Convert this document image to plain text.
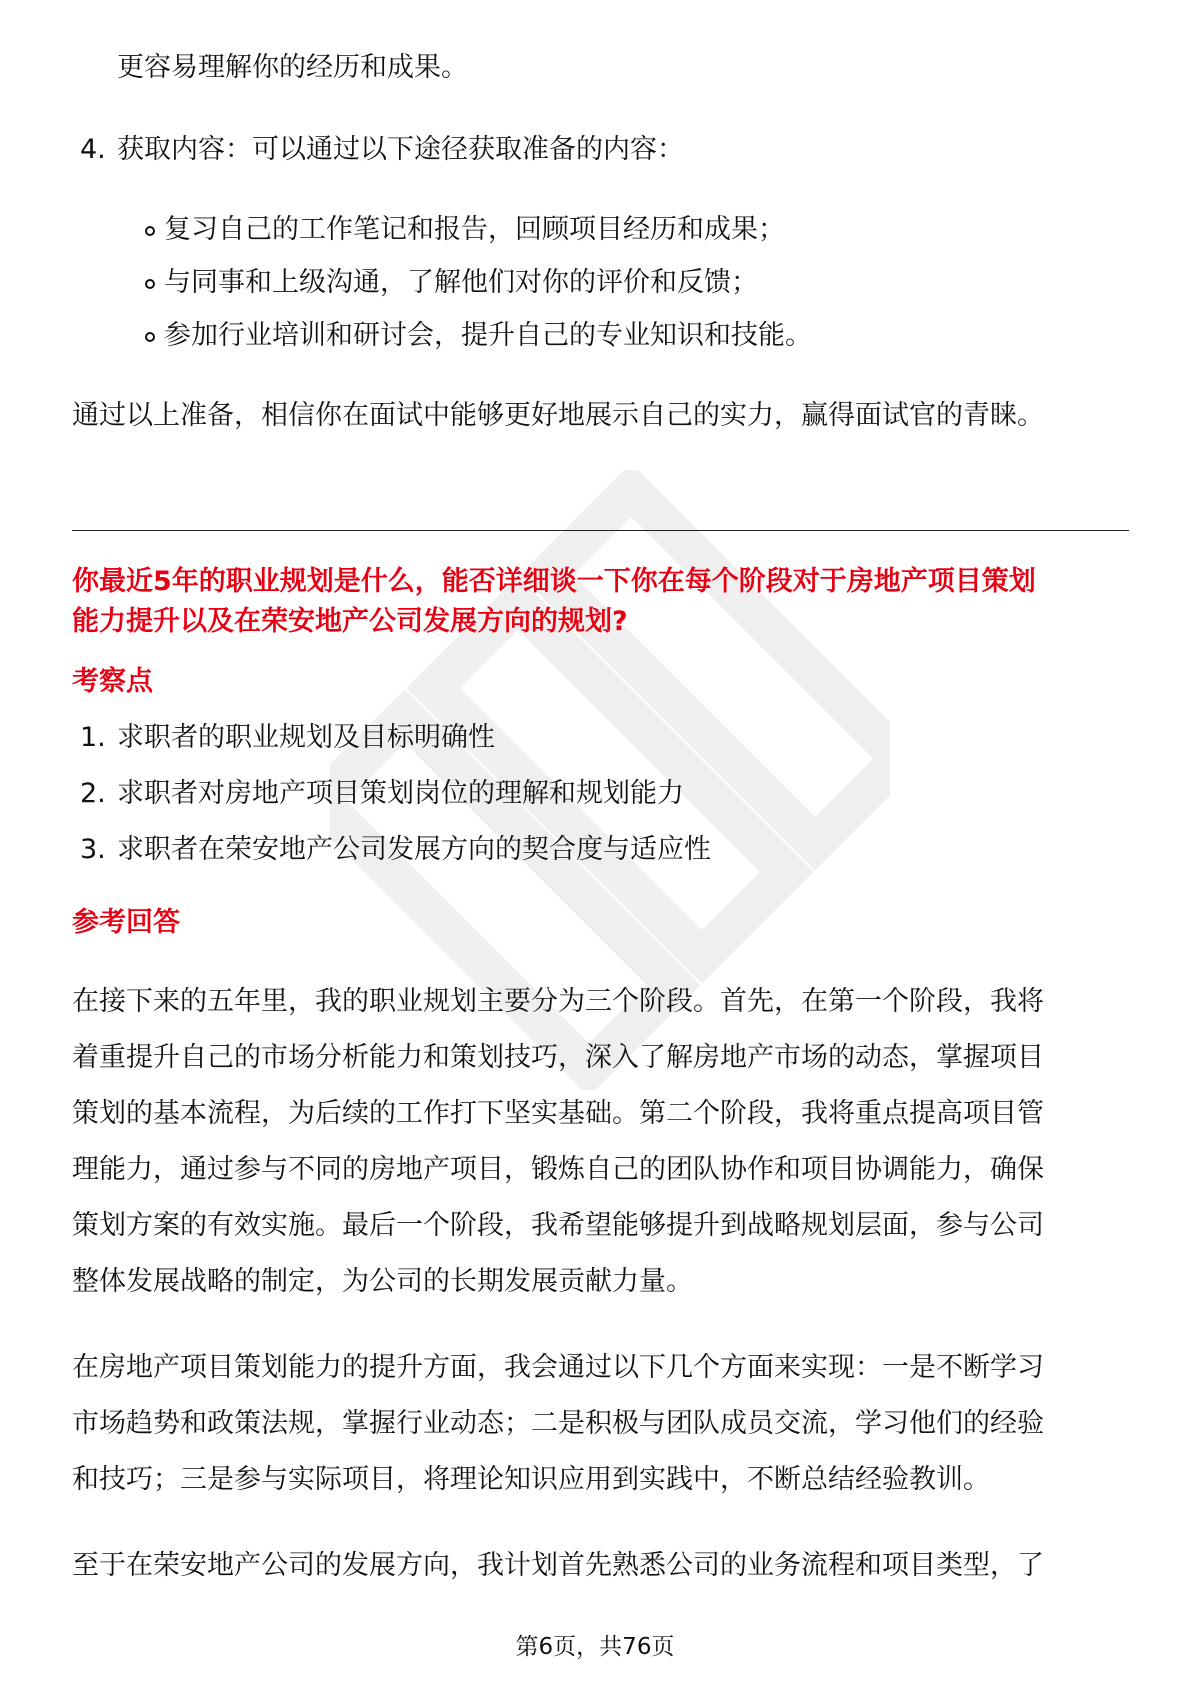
更容易理解你的经历和成果。
4. 获取内容：可以通过以下途径获取准备的内容：
复习自己的工作笔记和报告，回顾项目经历和成果；
与同事和上级沟通，了解他们对你的评价和反馈；
参加行业培训和研讨会，提升自己的专业知识和技能。
通过以上准备，相信你在面试中能够更好地展示自己的实力，赢得面试官的青睐。
你最近5年的职业规划是什么，能否详细谈一下你在每个阶段对于房地产项目策划
能力提升以及在荣安地产公司发展方向的规划?
考察点
1. 求职者的职业规划及目标明确性
2. 求职者对房地产项目策划岗位的理解和规划能力
3. 求职者在荣安地产公司发展方向的契合度与适应性
参考回答
在接下来的五年里，我的职业规划主要分为三个阶段。首先，在第一个阶段，我将
着重提升自己的市场分析能力和策划技巧，深入了解房地产市场的动态，掌握项目
策划的基本流程，为后续的工作打下坚实基础。第二个阶段，我将重点提高项目管
理能力，通过参与不同的房地产项目，锻炼自己的团队协作和项目协调能力，确保
策划方案的有效实施。最后一个阶段，我希望能够提升到战略规划层面，参与公司
整体发展战略的制定，为公司的长期发展贡献力量。
在房地产项目策划能力的提升方面，我会通过以下几个方面来实现：一是不断学习
市场趋势和政策法规，掌握行业动态；二是积极与团队成员交流，学习他们的经验
和技巧；三是参与实际项目，将理论知识应用到实践中，不断总结经验教训。
至于在荣安地产公司的发展方向，我计划首先熟悉公司的业务流程和项目类型，了
第6页，共76页
